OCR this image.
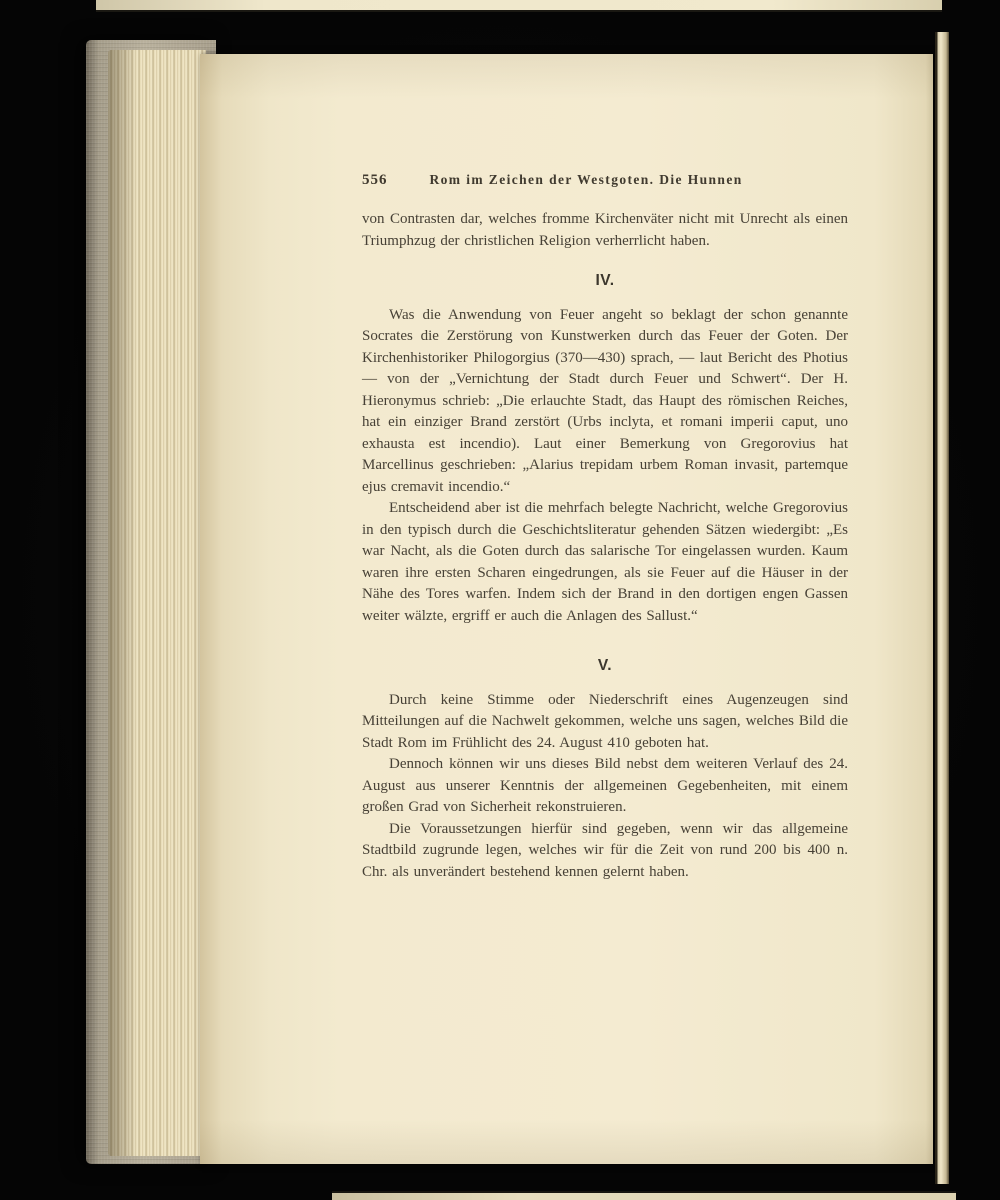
556	Rom im Zeichen der Westgoten. Die Hunnen

von Contrasten dar, welches fromme Kirchenväter nicht mit Unrecht als einen Triumphzug der christlichen Religion verherrlicht haben.

IV.

Was die Anwendung von Feuer angeht so beklagt der schon genannte Socrates die Zerstörung von Kunstwerken durch das Feuer der Goten. Der Kirchenhistoriker Philogorgius (370—430) sprach, — laut Bericht des Photius — von der „Vernichtung der Stadt durch Feuer und Schwert“. Der H. Hieronymus schrieb: „Die erlauchte Stadt, das Haupt des römischen Reiches, hat ein einziger Brand zerstört (Urbs inclyta, et romani imperii caput, uno exhausta est incendio). Laut einer Bemerkung von Gregorovius hat Marcellinus geschrieben: „Alarius trepidam urbem Roman invasit, partemque ejus cremavit incendio.“

Entscheidend aber ist die mehrfach belegte Nachricht, welche Gregorovius in den typisch durch die Geschichtsliteratur gehenden Sätzen wiedergibt: „Es war Nacht, als die Goten durch das salarische Tor eingelassen wurden. Kaum waren ihre ersten Scharen eingedrungen, als sie Feuer auf die Häuser in der Nähe des Tores warfen. Indem sich der Brand in den dortigen engen Gassen weiter wälzte, ergriff er auch die Anlagen des Sallust.“

V.

Durch keine Stimme oder Niederschrift eines Augenzeugen sind Mitteilungen auf die Nachwelt gekommen, welche uns sagen, welches Bild die Stadt Rom im Frühlicht des 24. August 410 geboten hat.

Dennoch können wir uns dieses Bild nebst dem weiteren Verlauf des 24. August aus unserer Kenntnis der allgemeinen Gegebenheiten, mit einem großen Grad von Sicherheit rekonstruieren.

Die Voraussetzungen hierfür sind gegeben, wenn wir das allgemeine Stadtbild zugrunde legen, welches wir für die Zeit von rund 200 bis 400 n. Chr. als unverändert bestehend kennen gelernt haben.
